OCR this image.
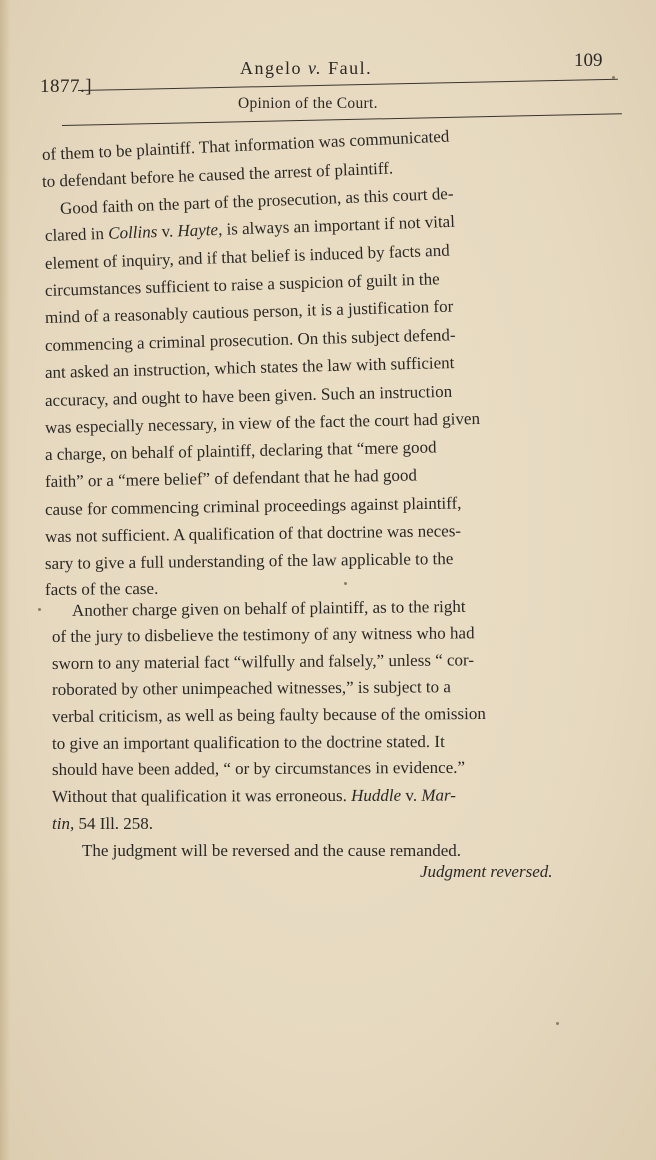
1877.]
Angelo v. Faul.	109
Opinion of the Court.
of them to be plaintiff. That information was communicated
to defendant before he caused the arrest of plaintiff.
Good faith on the part of the prosecution, as this court de-
clared in Collins v. Hayte, is always an important if not vital
element of inquiry, and if that belief is induced by facts and
circumstances sufficient to raise a suspicion of guilt in the
mind of a reasonably cautious person, it is a justification for
commencing a criminal prosecution. On this subject defend-
ant asked an instruction, which states the law with sufficient
accuracy, and ought to have been given. Such an instruction
was especially necessary, in view of the fact the court had given
a charge, on behalf of plaintiff, declaring that “mere good
faith” or a “mere belief” of defendant that he had good
cause for commencing criminal proceedings against plaintiff,
was not sufficient. A qualification of that doctrine was neces-
sary to give a full understanding of the law applicable to the
facts of the case.
Another charge given on behalf of plaintiff, as to the right
of the jury to disbelieve the testimony of any witness who had
sworn to any material fact “wilfully and falsely,” unless “ cor-
roborated by other unimpeached witnesses,” is subject to a
verbal criticism, as well as being faulty because of the omission
to give an important qualification to the doctrine stated. It
should have been added, “ or by circumstances in evidence.”
Without that qualification it was erroneous. Huddle v. Mar-
tin, 54 Ill. 258.
The judgment will be reversed and the cause remanded.
Judgment reversed.
